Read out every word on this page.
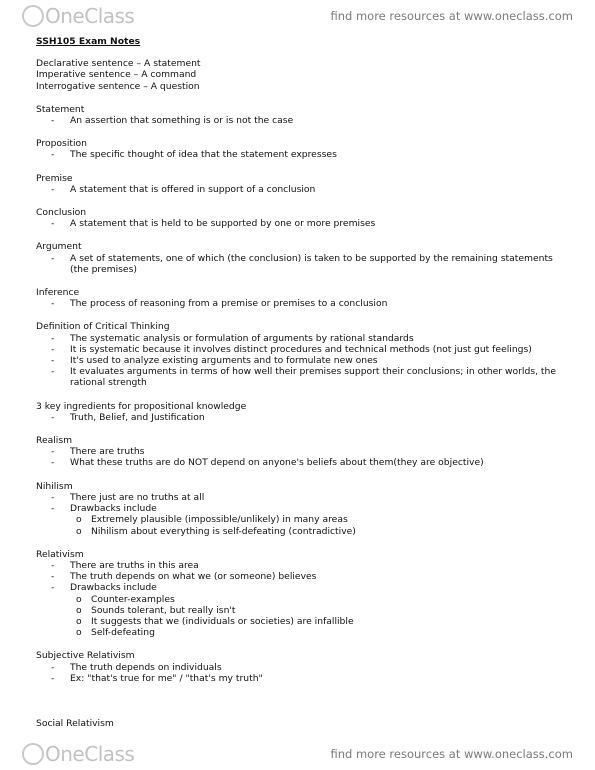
OneClass	find more resources at www.oneclass.com
SSH105 Exam Notes
Declarative sentence – A statement
Imperative sentence – A command
Interrogative sentence – A question
Statement
- An assertion that something is or is not the case
Proposition
- The specific thought of idea that the statement expresses
Premise
- A statement that is offered in support of a conclusion
Conclusion
- A statement that is held to be supported by one or more premises
Argument
- A set of statements, one of which (the conclusion) is taken to be supported by the remaining statements (the premises)
Inference
- The process of reasoning from a premise or premises to a conclusion
Definition of Critical Thinking
- The systematic analysis or formulation of arguments by rational standards
- It is systematic because it involves distinct procedures and technical methods (not just gut feelings)
- It's used to analyze existing arguments and to formulate new ones
- It evaluates arguments in terms of how well their premises support their conclusions; in other worlds, the rational strength
3 key ingredients for propositional knowledge
- Truth, Belief, and Justification
Realism
- There are truths
- What these truths are do NOT depend on anyone's beliefs about them(they are objective)
Nihilism
- There just are no truths at all
- Drawbacks include
o Extremely plausible (impossible/unlikely) in many areas
o Nihilism about everything is self-defeating (contradictive)
Relativism
- There are truths in this area
- The truth depends on what we (or someone) believes
- Drawbacks include
o Counter-examples
o Sounds tolerant, but really isn't
o It suggests that we (individuals or societies) are infallible
o Self-defeating
Subjective Relativism
- The truth depends on individuals
- Ex: "that's true for me" / "that's my truth"
Social Relativism
OneClass	find more resources at www.oneclass.com
